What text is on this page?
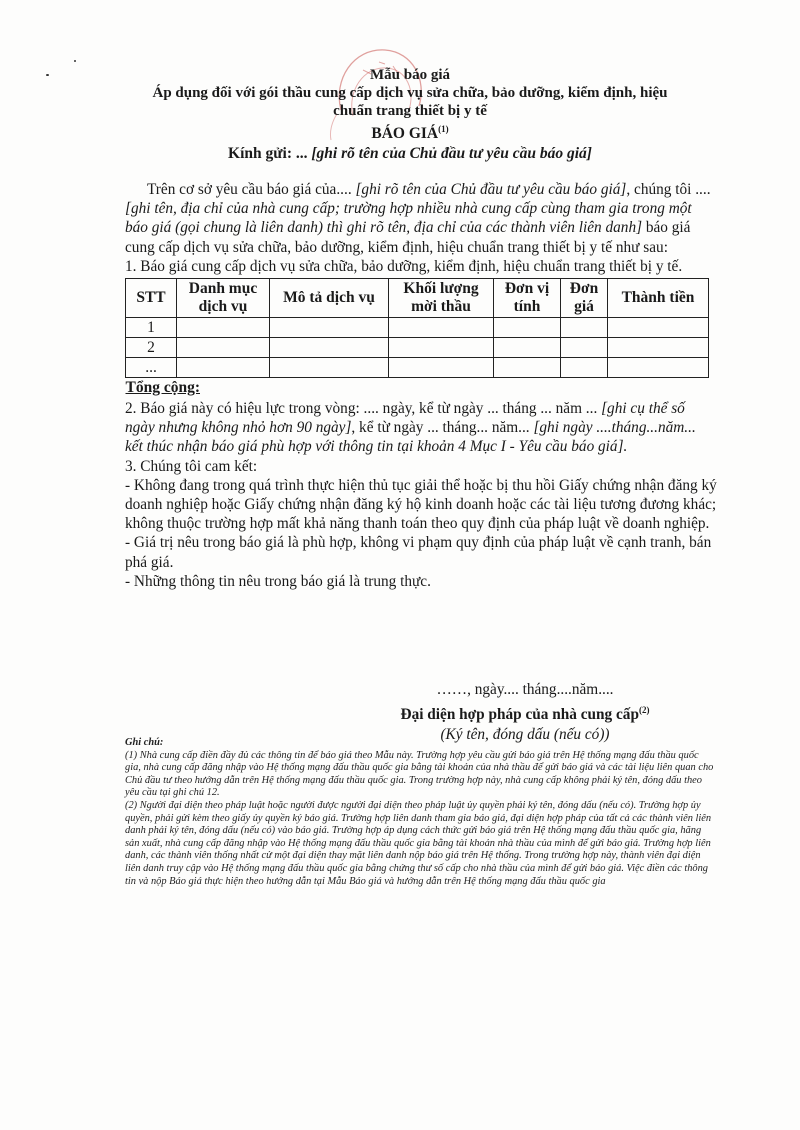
Mẫu báo giá
Áp dụng đối với gói thầu cung cấp dịch vụ sửa chữa, bảo dưỡng, kiểm định, hiệu
chuẩn trang thiết bị y tế
BÁO GIÁ$^{(1)}$
Kính gửi: ... [ghi rõ tên của Chủ đầu tư yêu cầu báo giá]

Trên cơ sở yêu cầu báo giá của.... [ghi rõ tên của Chủ đầu tư yêu cầu báo giá], chúng tôi .... [ghi tên, địa chỉ của nhà cung cấp; trường hợp nhiều nhà cung cấp cùng tham gia trong một báo giá (gọi chung là liên danh) thì ghi rõ tên, địa chỉ của các thành viên liên danh] báo giá cung cấp dịch vụ sửa chữa, bảo dưỡng, kiểm định, hiệu chuẩn trang thiết bị y tế như sau:

1. Báo giá cung cấp dịch vụ sửa chữa, bảo dưỡng, kiểm định, hiệu chuẩn trang thiết bị y tế.

STT	Danh mục dịch vụ	Mô tả dịch vụ	Khối lượng mời thầu	Đơn vị tính	Đơn giá	Thành tiền
1						
2						
...						
Tổng cộng:						

2. Báo giá này có hiệu lực trong vòng: .... ngày, kể từ ngày ... tháng ... năm ... [ghi cụ thể số ngày nhưng không nhỏ hơn 90 ngày], kể từ ngày ... tháng... năm... [ghi ngày ....tháng...năm... kết thúc nhận báo giá phù hợp với thông tin tại khoản 4 Mục I - Yêu cầu báo giá].

3. Chúng tôi cam kết:

- Không đang trong quá trình thực hiện thủ tục giải thể hoặc bị thu hồi Giấy chứng nhận đăng ký doanh nghiệp hoặc Giấy chứng nhận đăng ký hộ kinh doanh hoặc các tài liệu tương đương khác; không thuộc trường hợp mất khả năng thanh toán theo quy định của pháp luật về doanh nghiệp.

- Giá trị nêu trong báo giá là phù hợp, không vi phạm quy định của pháp luật về cạnh tranh, bán phá giá.

- Những thông tin nêu trong báo giá là trung thực.

……, ngày.... tháng....năm....
Đại diện hợp pháp của nhà cung cấp$^{(2)}$
(Ký tên, đóng dấu (nếu có))

Ghi chú:

(1) Nhà cung cấp điền đầy đủ các thông tin để báo giá theo Mẫu này. Trường hợp yêu cầu gửi báo giá trên Hệ thống mạng đấu thầu quốc gia, nhà cung cấp đăng nhập vào Hệ thống mạng đấu thầu quốc gia bằng tài khoản của nhà thầu để gửi báo giá và các tài liệu liên quan cho Chủ đầu tư theo hướng dẫn trên Hệ thống mạng đấu thầu quốc gia. Trong trường hợp này, nhà cung cấp không phải ký tên, đóng dấu theo yêu cầu tại ghi chú 12.

(2) Người đại diện theo pháp luật hoặc người được người đại diện theo pháp luật ủy quyền phải ký tên, đóng dấu (nếu có). Trường hợp ủy quyền, phải gửi kèm theo giấy ủy quyền ký báo giá. Trường hợp liên danh tham gia báo giá, đại diện hợp pháp của tất cả các thành viên liên danh phải ký tên, đóng dấu (nếu có) vào báo giá. Trường hợp áp dụng cách thức gửi báo giá trên Hệ thống mạng đấu thầu quốc gia, hãng sản xuất, nhà cung cấp đăng nhập vào Hệ thống mạng đấu thầu quốc gia bằng tài khoản nhà thầu của mình để gửi báo giá. Trường hợp liên danh, các thành viên thống nhất cử một đại diện thay mặt liên danh nộp báo giá trên Hệ thống. Trong trường hợp này, thành viên đại diện liên danh truy cập vào Hệ thống mạng đấu thầu quốc gia bằng chứng thư số cấp cho nhà thầu của mình để gửi báo giá. Việc điền các thông tin và nộp Báo giá thực hiện theo hướng dẫn tại Mẫu Báo giá và hướng dẫn trên Hệ thống mạng đấu thầu quốc gia
